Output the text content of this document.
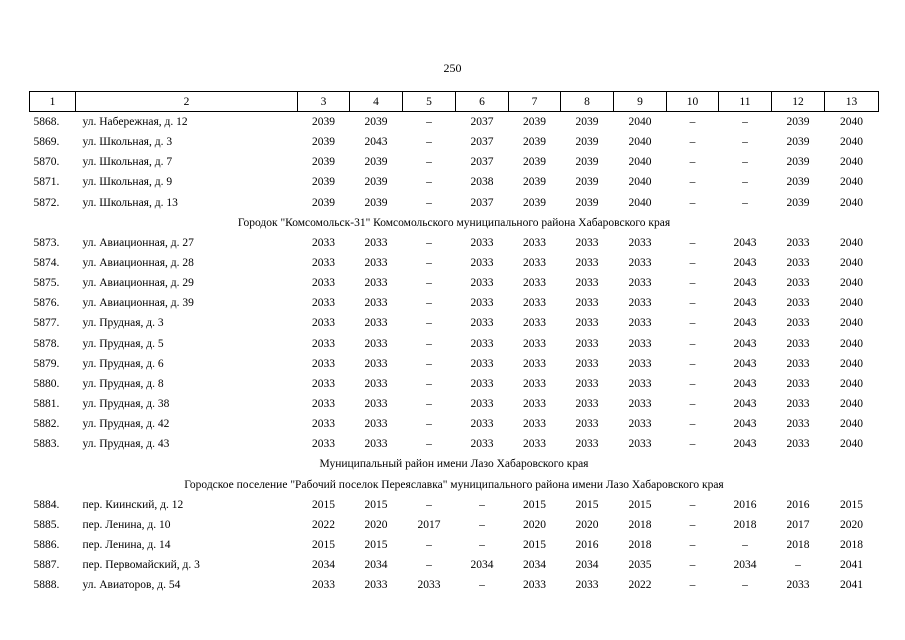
250
1	2	3	4	5	6	7	8	9	10	11	12	13
5868.	ул. Набережная, д. 12	2039	2039	–	2037	2039	2039	2040	–	–	2039	2040
5869.	ул. Школьная, д. 3	2039	2043	–	2037	2039	2039	2040	–	–	2039	2040
5870.	ул. Школьная, д. 7	2039	2039	–	2037	2039	2039	2040	–	–	2039	2040
5871.	ул. Школьная, д. 9	2039	2039	–	2038	2039	2039	2040	–	–	2039	2040
5872.	ул. Школьная, д. 13	2039	2039	–	2037	2039	2039	2040	–	–	2039	2040
Городок "Комсомольск-31" Комсомольского муниципального района Хабаровского края												
5873.	ул. Авиационная, д. 27	2033	2033	–	2033	2033	2033	2033	–	2043	2033	2040
5874.	ул. Авиационная, д. 28	2033	2033	–	2033	2033	2033	2033	–	2043	2033	2040
5875.	ул. Авиационная, д. 29	2033	2033	–	2033	2033	2033	2033	–	2043	2033	2040
5876.	ул. Авиационная, д. 39	2033	2033	–	2033	2033	2033	2033	–	2043	2033	2040
5877.	ул. Прудная, д. 3	2033	2033	–	2033	2033	2033	2033	–	2043	2033	2040
5878.	ул. Прудная, д. 5	2033	2033	–	2033	2033	2033	2033	–	2043	2033	2040
5879.	ул. Прудная, д. 6	2033	2033	–	2033	2033	2033	2033	–	2043	2033	2040
5880.	ул. Прудная, д. 8	2033	2033	–	2033	2033	2033	2033	–	2043	2033	2040
5881.	ул. Прудная, д. 38	2033	2033	–	2033	2033	2033	2033	–	2043	2033	2040
5882.	ул. Прудная, д. 42	2033	2033	–	2033	2033	2033	2033	–	2043	2033	2040
5883.	ул. Прудная, д. 43	2033	2033	–	2033	2033	2033	2033	–	2043	2033	2040
Муниципальный район имени Лазо Хабаровского края												
Городское поселение "Рабочий поселок Переяславка" муниципального района имени Лазо Хабаровского края												
5884.	пер. Киинский, д. 12	2015	2015	–	–	2015	2015	2015	–	2016	2016	2015
5885.	пер. Ленина, д. 10	2022	2020	2017	–	2020	2020	2018	–	2018	2017	2020
5886.	пер. Ленина, д. 14	2015	2015	–	–	2015	2016	2018	–	–	2018	2018
5887.	пер. Первомайский, д. 3	2034	2034	–	2034	2034	2034	2035	–	2034	–	2041
5888.	ул. Авиаторов, д. 54	2033	2033	2033	–	2033	2033	2022	–	–	2033	2041
